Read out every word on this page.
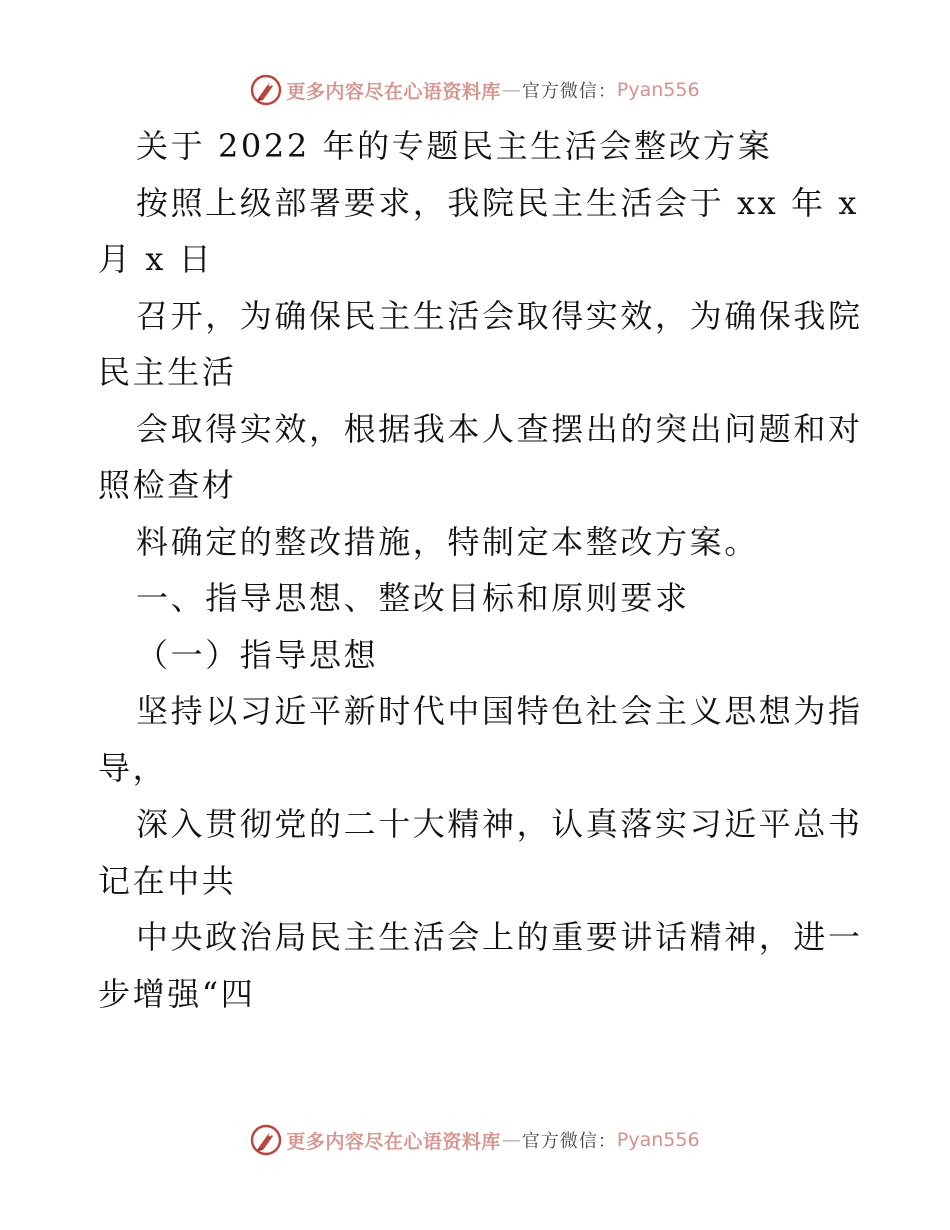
更多内容尽在心语资料库 — 官方微信： Pyan556
关于 2022 年的专题民主生活会整改方案
按照上级部署要求，我院民主生活会于 xx 年 x
月 x 日
召开，为确保民主生活会取得实效，为确保我院
民主生活
会取得实效，根据我本人查摆出的突出问题和对
照检查材
料确定的整改措施，特制定本整改方案。
一、指导思想、整改目标和原则要求
（一）指导思想
坚持以习近平新时代中国特色社会主义思想为指
导，
深入贯彻党的二十大精神，认真落实习近平总书
记在中共
中央政治局民主生活会上的重要讲话精神，进一
步增强“四
更多内容尽在心语资料库 — 官方微信： Pyan556
